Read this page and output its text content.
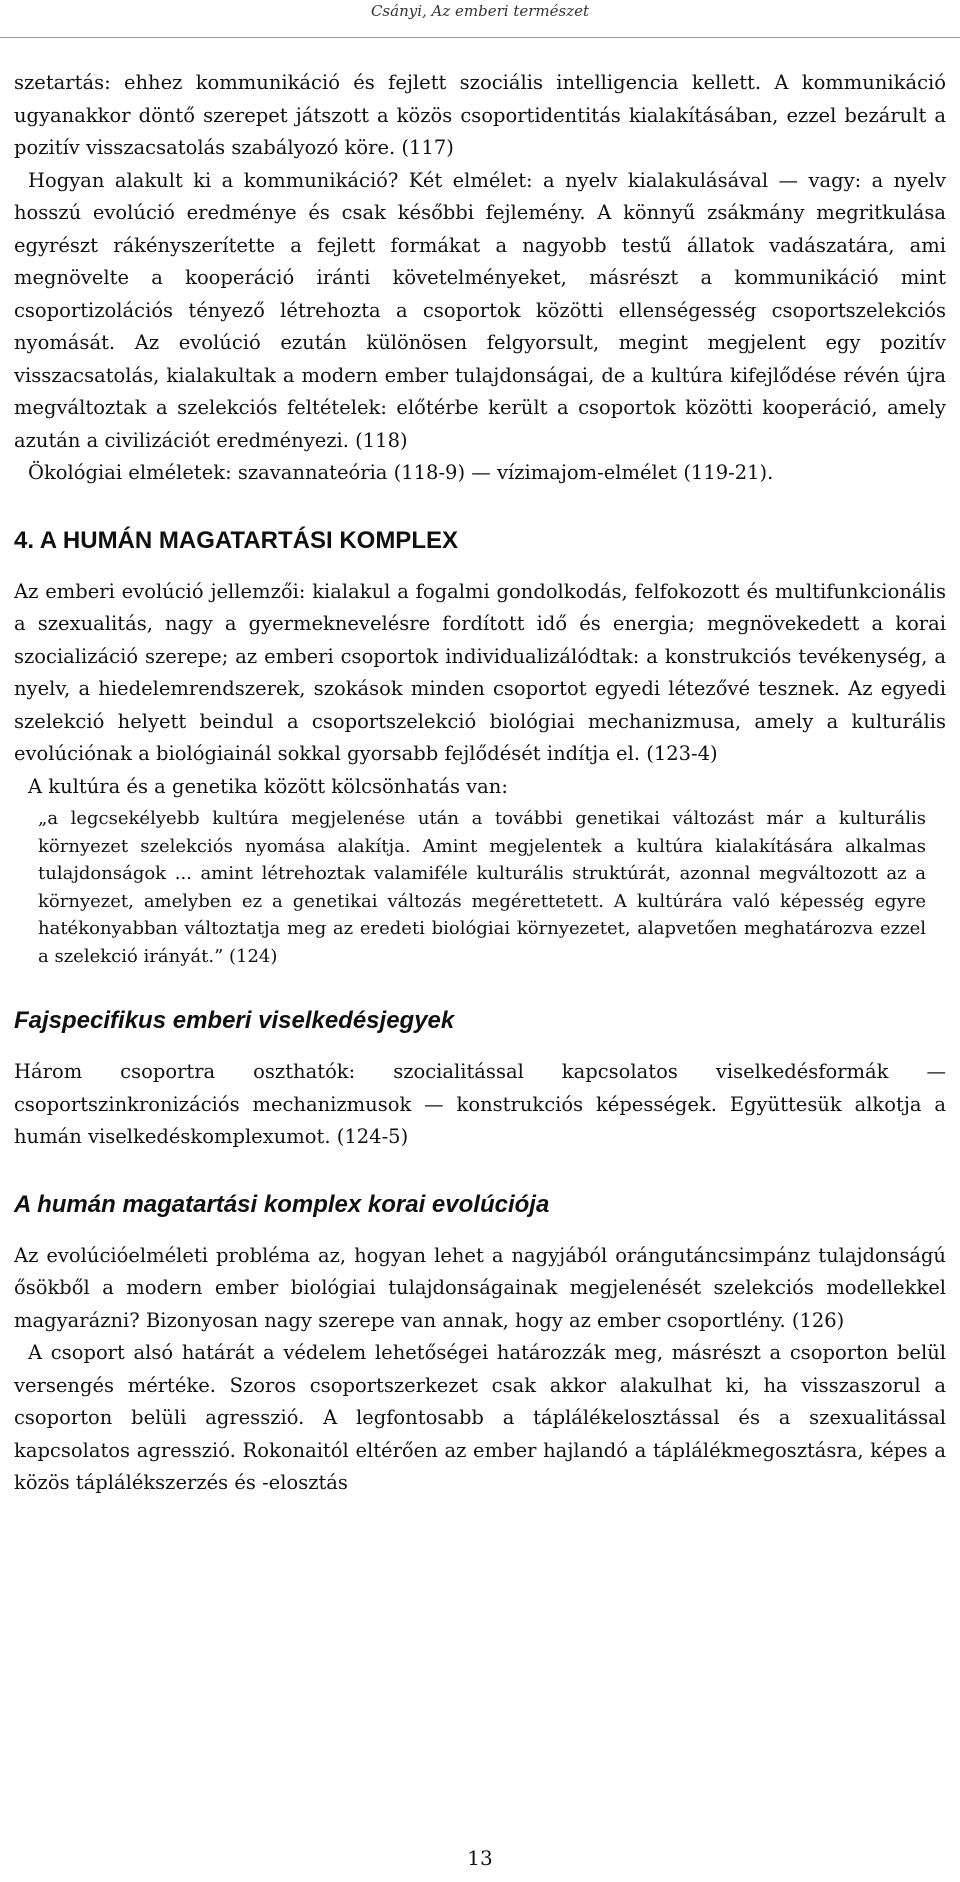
Csányi, Az emberi természet

szetartás: ehhez kommunikáció és fejlett szociális intelligencia kellett. A kommunikáció ugyanakkor döntő szerepet játszott a közös csoportidentitás kialakításában, ezzel bezárult a pozitív visszacsatolás szabályozó köre. (117)

Hogyan alakult ki a kommunikáció? Két elmélet: a nyelv kialakulásával — vagy: a nyelv hosszú evolúció eredménye és csak későbbi fejlemény. A könnyű zsákmány megritkulása egyrészt rákényszerítette a fejlett formákat a nagyobb testű állatok vadászatára, ami megnövelte a kooperáció iránti követelményeket, másrészt a kommunikáció mint csoportizolációs tényező létrehozta a csoportok közötti ellenségesség csoportszelekciós nyomását. Az evolúció ezután különösen felgyorsult, megint megjelent egy pozitív visszacsatolás, kialakultak a modern ember tulajdonságai, de a kultúra kifejlődése révén újra megváltoztak a szelekciós feltételek: előtérbe került a csoportok közötti kooperáció, amely azután a civilizációt eredményezi. (118)

Ökológiai elméletek: szavannateória (118-9) — vízimajom-elmélet (119-21).

4. A HUMÁN MAGATARTÁSI KOMPLEX

Az emberi evolúció jellemzői: kialakul a fogalmi gondolkodás, felfokozott és multifunkcionális a szexualitás, nagy a gyermeknevelésre fordított idő és energia; megnövekedett a korai szocializáció szerepe; az emberi csoportok individualizálódtak: a konstrukciós tevékenység, a nyelv, a hiedelemrendszerek, szokások minden csoportot egyedi létezővé tesznek. Az egyedi szelekció helyett beindul a csoportszelekció biológiai mechanizmusa, amely a kulturális evolúciónak a biológiainál sokkal gyorsabb fejlődését indítja el. (123-4)

A kultúra és a genetika között kölcsönhatás van:

„a legcsekélyebb kultúra megjelenése után a további genetikai változást már a kulturális környezet szelekciós nyomása alakítja. Amint megjelentek a kultúra kialakítására alkalmas tulajdonságok ... amint létrehoztak valamiféle kulturális struktúrát, azonnal megváltozott az a környezet, amelyben ez a genetikai változás megérettetett. A kultúrára való képesség egyre hatékonyabban változtatja meg az eredeti biológiai környezetet, alapvetően meghatározva ezzel a szelekció irányát.” (124)

Fajspecifikus emberi viselkedésjegyek

Három csoportra oszthatók: szocialitással kapcsolatos viselkedésformák — csoportszinkronizációs mechanizmusok — konstrukciós képességek. Együttesük alkotja a humán viselkedéskomplexumot. (124-5)

A humán magatartási komplex korai evolúciója

Az evolúcióelméleti probléma az, hogyan lehet a nagyjából orángutáncsimpánz tulajdonságú ősökből a modern ember biológiai tulajdonságainak megjelenését szelekciós modellekkel magyarázni? Bizonyosan nagy szerepe van annak, hogy az ember csoportlény. (126)

A csoport alsó határát a védelem lehetőségei határozzák meg, másrészt a csoporton belül versengés mértéke. Szoros csoportszerkezet csak akkor alakulhat ki, ha visszaszorul a csoporton belüli agresszió. A legfontosabb a táplálékelosztással és a szexualitással kapcsolatos agresszió. Rokonaitól eltérően az ember hajlandó a táplálékmegosztásra, képes a közös táplálékszerzés és -elosztás

13
